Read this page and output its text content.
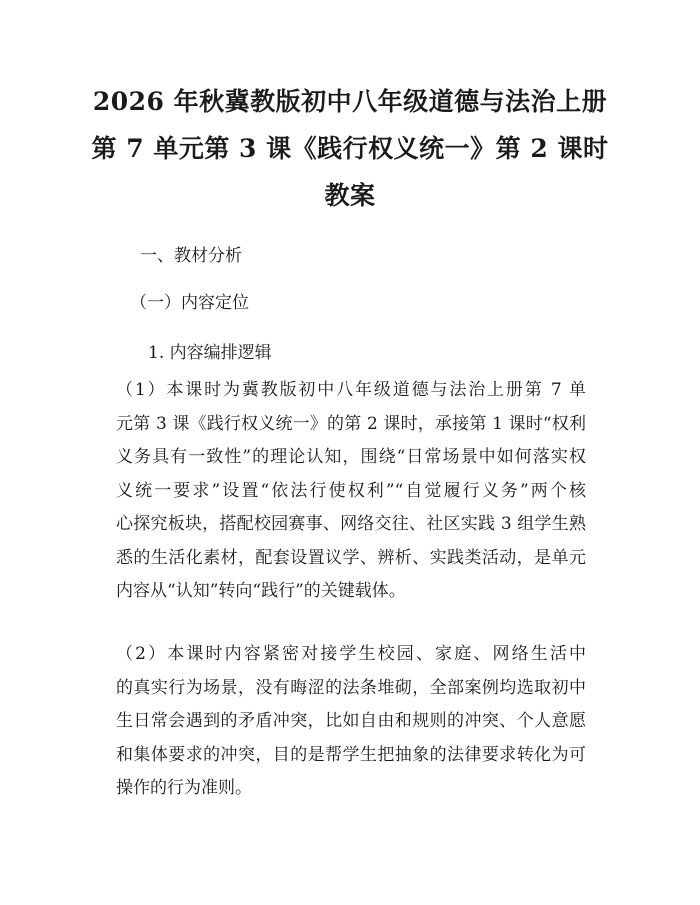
2026 年秋冀教版初中八年级道德与法治上册
第 7 单元第 3 课《践行权义统一》第 2 课时
教案
一、教材分析
（一）内容定位
1. 内容编排逻辑
（1）本课时为冀教版初中八年级道德与法治上册第 7 单
元第 3 课《践行权义统一》的第 2 课时，承接第 1 课时“权利
义务具有一致性”的理论认知，围绕“日常场景中如何落实权
义统一要求”设置“依法行使权利”“自觉履行义务”两个核
心探究板块，搭配校园赛事、网络交往、社区实践 3 组学生熟
悉的生活化素材，配套设置议学、辨析、实践类活动，是单元
内容从“认知”转向“践行”的关键载体。
（2）本课时内容紧密对接学生校园、家庭、网络生活中
的真实行为场景，没有晦涩的法条堆砌，全部案例均选取初中
生日常会遇到的矛盾冲突，比如自由和规则的冲突、个人意愿
和集体要求的冲突，目的是帮学生把抽象的法律要求转化为可
操作的行为准则。
